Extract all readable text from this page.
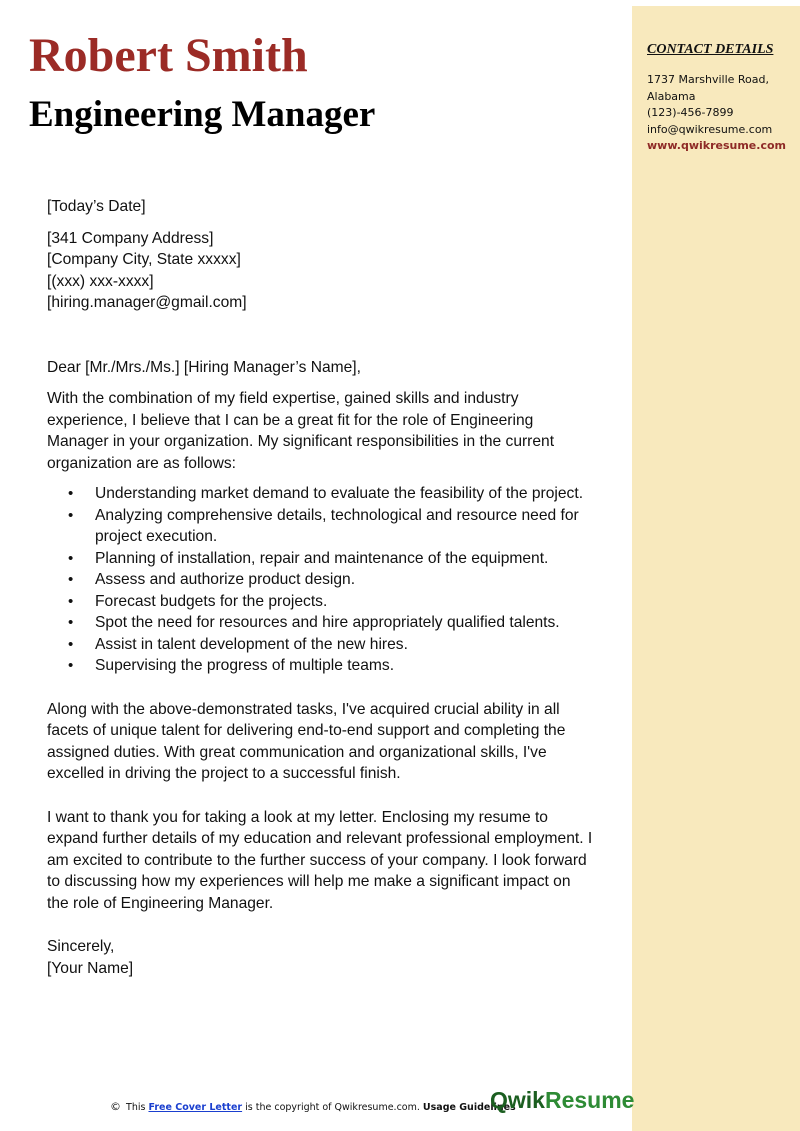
CONTACT DETAILS
1737 Marshville Road,
Alabama
(123)-456-7899
info@qwikresume.com
www.qwikresume.com
Robert Smith
Engineering Manager

[Today’s Date]

[341 Company Address]

[Company City, State xxxxx]

[(xxx) xxx-xxxx]

[hiring.manager@gmail.com]

Dear [Mr./Mrs./Ms.] [Hiring Manager’s Name],

With the combination of my field expertise, gained skills and industry experience, I believe that I can be a great fit for the role of Engineering Manager in your organization. My significant responsibilities in the current organization are as follows:

• Understanding market demand to evaluate the feasibility of the project.
• Analyzing comprehensive details, technological and resource need for project execution.
• Planning of installation, repair and maintenance of the equipment.
• Assess and authorize product design.
• Forecast budgets for the projects.
• Spot the need for resources and hire appropriately qualified talents.
• Assist in talent development of the new hires.
• Supervising the progress of multiple teams.

Along with the above-demonstrated tasks, I've acquired crucial ability in all facets of unique talent for delivering end-to-end support and completing the assigned duties. With great communication and organizational skills, I've excelled in driving the project to a successful finish.

I want to thank you for taking a look at my letter. Enclosing my resume to expand further details of my education and relevant professional employment. I am excited to contribute to the further success of your company. I look forward to discussing how my experiences will help me make a significant impact on the role of Engineering Manager.

Sincerely,

[Your Name]

© This Free Cover Letter is the copyright of Qwikresume.com. Usage Guidelines
QwikResume
